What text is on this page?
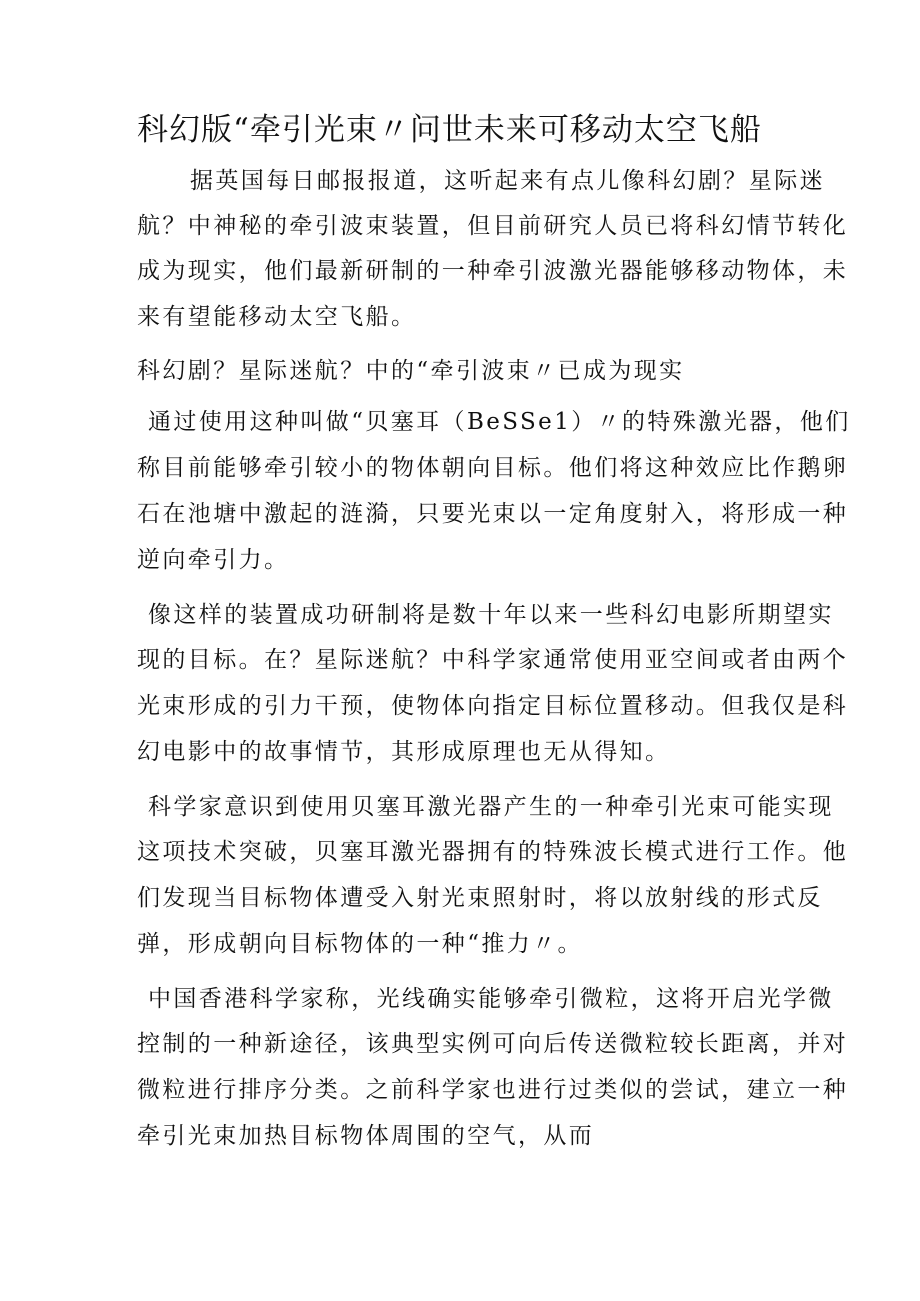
科幻版“牵引光束〃问世未来可移动太空飞船

据英国每日邮报报道，这听起来有点儿像科幻剧？星际迷

航？中神秘的牵引波束装置，但目前研究人员已将科幻情节转化

成为现实，他们最新研制的一种牵引波激光器能够移动物体，未

来有望能移动太空飞船。

科幻剧？星际迷航？中的“牵引波束〃已成为现实

通过使用这种叫做“贝塞耳（BeSSe1）〃的特殊激光器，他们

称目前能够牵引较小的物体朝向目标。他们将这种效应比作鹅卵

石在池塘中激起的涟漪，只要光束以一定角度射入，将形成一种

逆向牵引力。

像这样的装置成功研制将是数十年以来一些科幻电影所期望实

现的目标。在？星际迷航？中科学家通常使用亚空间或者由两个

光束形成的引力干预，使物体向指定目标位置移动。但我仅是科

幻电影中的故事情节，其形成原理也无从得知。

科学家意识到使用贝塞耳激光器产生的一种牵引光束可能实现

这项技术突破，贝塞耳激光器拥有的特殊波长模式进行工作。他

们发现当目标物体遭受入射光束照射时，将以放射线的形式反

弹，形成朝向目标物体的一种“推力〃。

中国香港科学家称，光线确实能够牵引微粒，这将开启光学微

控制的一种新途径，该典型实例可向后传送微粒较长距离，并对

微粒进行排序分类。之前科学家也进行过类似的尝试，建立一种

牵引光束加热目标物体周围的空气，从而
